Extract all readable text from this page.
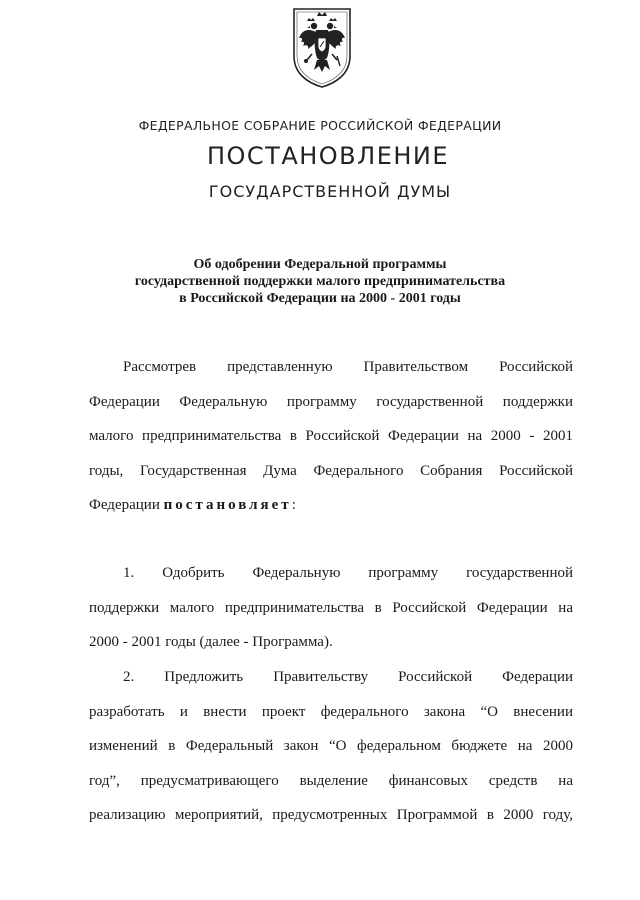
ФЕДЕРАЛЬНОЕ СОБРАНИЕ РОССИЙСКОЙ ФЕДЕРАЦИИ
ПОСТАНОВЛЕНИЕ
ГОСУДАРСТВЕННОЙ ДУМЫ
Об одобрении Федеральной программы
государственной поддержки малого предпринимательства
в Российской Федерации на 2000 - 2001 годы
Рассмотрев представленную Правительством Российской
Федерации Федеральную программу государственной поддержки
малого предпринимательства в Российской Федерации на 2000 - 2001
годы, Государственная Дума Федерального Собрания Российской
Федерации постановляет:
1. Одобрить Федеральную программу государственной
поддержки малого предпринимательства в Российской Федерации на
2000 - 2001 годы (далее - Программа).
2. Предложить Правительству Российской Федерации
разработать и внести проект федерального закона “О внесении
изменений в Федеральный закон “О федеральном бюджете на 2000
год”, предусматривающего выделение финансовых средств на
реализацию мероприятий, предусмотренных Программой в 2000 году,
